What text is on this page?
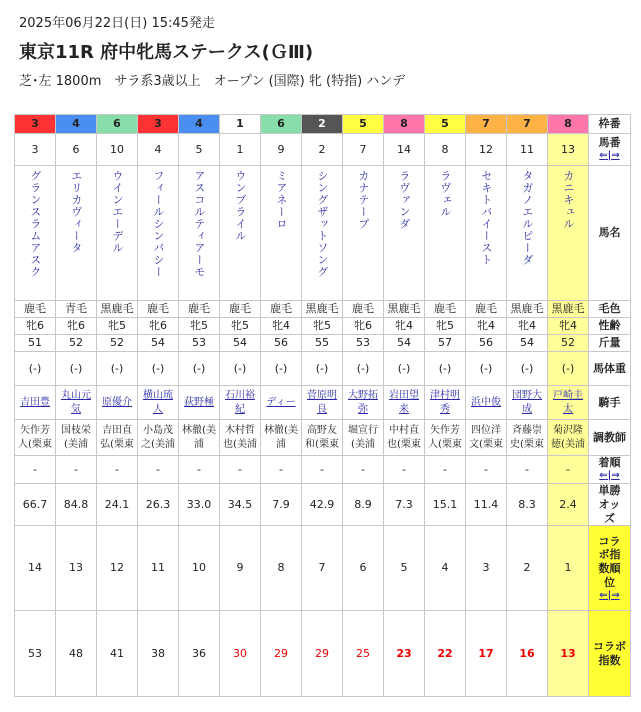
2025年06月22日(日) 15:45発走
東京11R 府中牝馬ステークス(ＧⅢ)
芝･左 1800m　サラ系3歳以上　オープン (国際) 牝 (特指) ハンデ
3	4	6	3	4	1	6	2	5	8	5	7	7	8	枠番

3	6	10	4	5	1	9	2	7	14	8	12	11	13	馬番
⇐|⇒

グランスラムアスク	エリカヴィータ	ウインエーデル	フィールシンパシー	アスコルティアーモ	ウンブライル	ミアネーロ	シングザットソング	カナテープ	ラヴァンダ	ラヴェル	セキトバイースト	タガノエルピーダ	カニキュル	馬名

鹿毛	青毛	黒鹿毛	鹿毛	鹿毛	鹿毛	鹿毛	黒鹿毛	鹿毛	黒鹿毛	鹿毛	鹿毛	黒鹿毛	黒鹿毛	毛色

牝6	牝6	牝5	牝6	牝5	牝5	牝4	牝5	牝6	牝4	牝5	牝4	牝4	牝4	性齢

51	52	52	54	53	54	56	55	53	54	57	56	54	52	斤量

(-)	(-)	(-)	(-)	(-)	(-)	(-)	(-)	(-)	(-)	(-)	(-)	(-)	(-)	馬体重

吉田豊	丸山元気	原優介	横山琉人	荻野極	石川裕紀	ディー	菅原明良	大野拓弥	岩田望来	津村明秀	浜中俊	団野大成	戸崎圭太	騎手

矢作芳人(栗東	国枝栄(美浦	吉田直弘(栗東	小島茂之(美浦	林徹(美浦	木村哲也(美浦	林徹(美浦	高野友和(栗東	堀宣行(美浦	中村直也(栗東	矢作芳人(栗東	四位洋文(栗東	斉藤崇史(栗東	菊沢隆徳(美浦	調教師

-	-	-	-	-	-	-	-	-	-	-	-	-	-	着順
⇐|⇒

66.7	84.8	24.1	26.3	33.0	34.5	7.9	42.9	8.9	7.3	15.1	11.4	8.3	2.4	単勝オッズ

14	13	12	11	10	9	8	7	6	5	4	3	2	1	コラボ指数順位
⇐|⇒

53	48	41	38	36	30	29	29	25	23	22	17	16	13	コラボ指数
